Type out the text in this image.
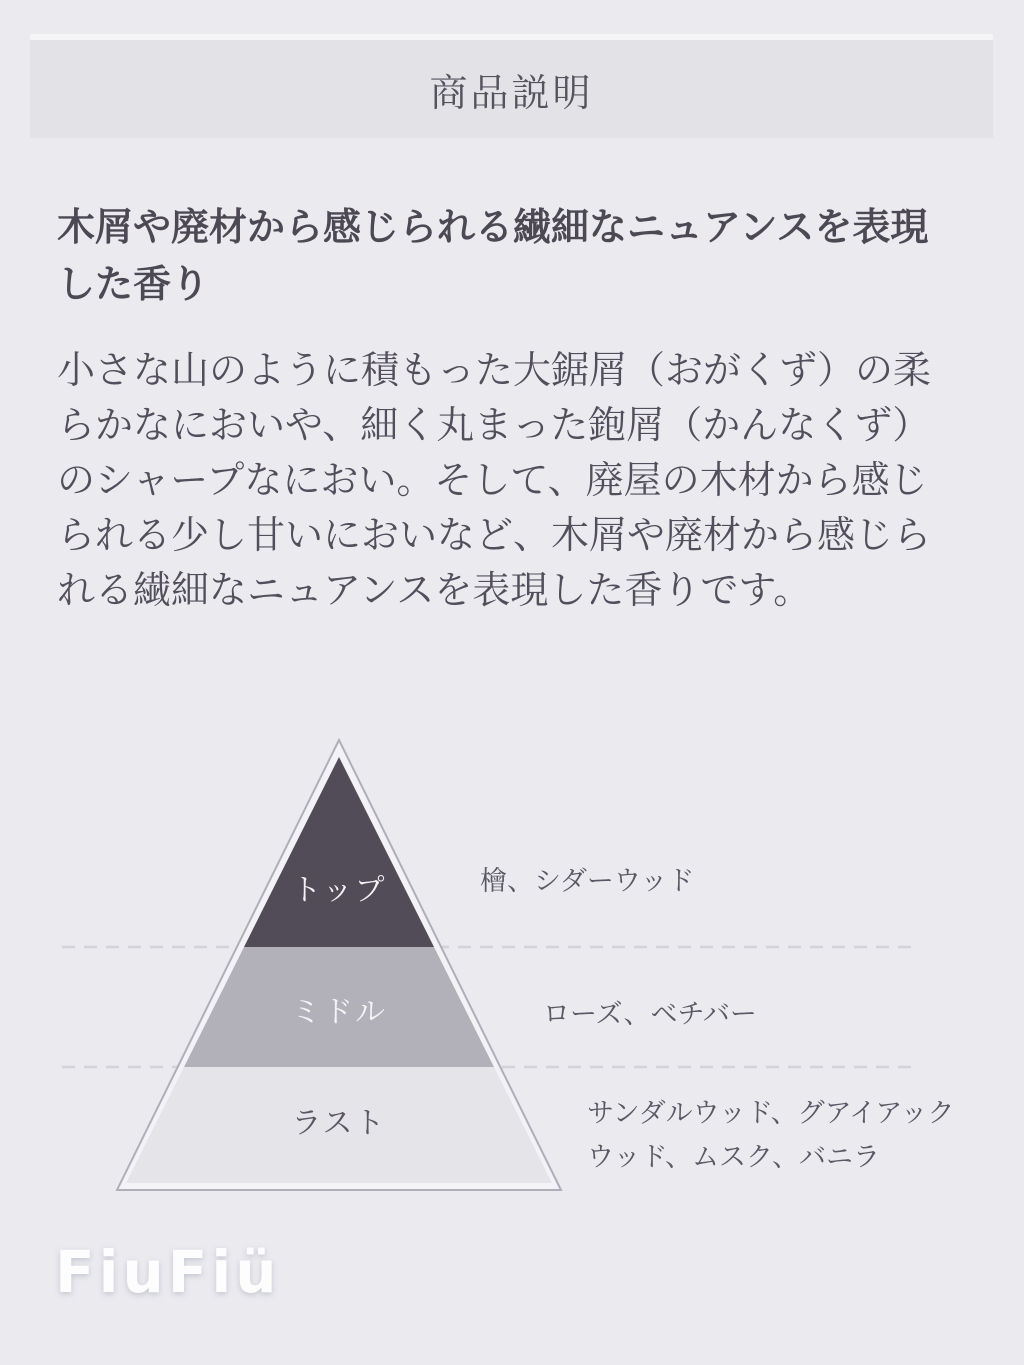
商品説明
木屑や廃材から感じられる繊細なニュアンスを表現した香り
小さな山のように積もった大鋸屑（おがくず）の柔らかなにおいや、細く丸まった鉋屑（かんなくず）のシャープなにおい。そして、廃屋の木材から感じられる少し甘いにおいなど、木屑や廃材から感じられる繊細なニュアンスを表現した香りです。
トップ
ミドル
ラスト
檜、シダーウッド
ローズ、ベチバー
サンダルウッド、グアイアックウッド、ムスク、バニラ
FiuFiü
